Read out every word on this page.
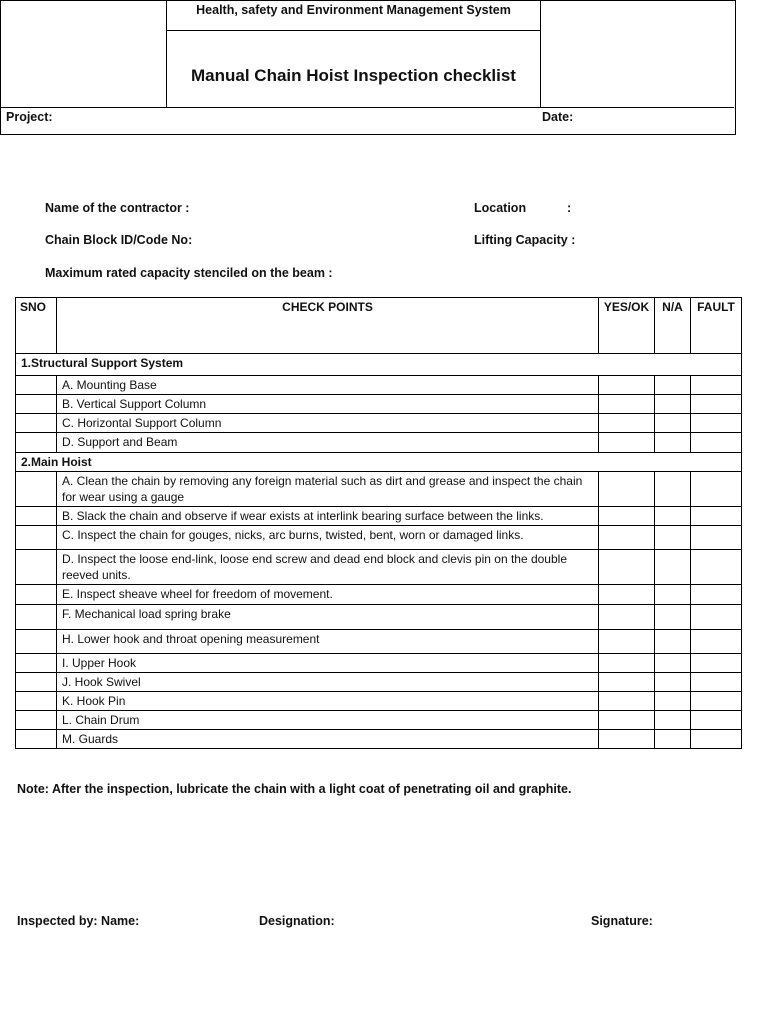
Health, safety and Environment Management System
Manual Chain Hoist Inspection checklist
Project:	Date:
Name of the contractor :	Location	:
Chain Block ID/Code No:	Lifting Capacity :
Maximum rated capacity stenciled on the beam :
SNO	CHECK POINTS	YES/OK	N/A	FAULT
1.Structural Support System				
	A. Mounting Base			
	B. Vertical Support Column			
	C. Horizontal Support Column			
	D. Support and Beam			
2.Main Hoist				
	A. Clean the chain by removing any foreign material such as dirt and grease and inspect the chain for wear using a gauge			
	B. Slack the chain and observe if wear exists at interlink bearing surface between the links.			
	C. Inspect the chain for gouges, nicks, arc burns, twisted, bent, worn or damaged links.			
	D. Inspect the loose end-link, loose end screw and dead end block and clevis pin on the double reeved units.			
	E. Inspect sheave wheel for freedom of movement.			
	F. Mechanical load spring brake			
	H. Lower hook and throat opening measurement			
	I. Upper Hook			
	J. Hook Swivel			
	K. Hook Pin			
	L. Chain Drum			
	M. Guards			
Note: After the inspection, lubricate the chain with a light coat of penetrating oil and graphite.
Inspected by: Name:	Designation:	Signature:
